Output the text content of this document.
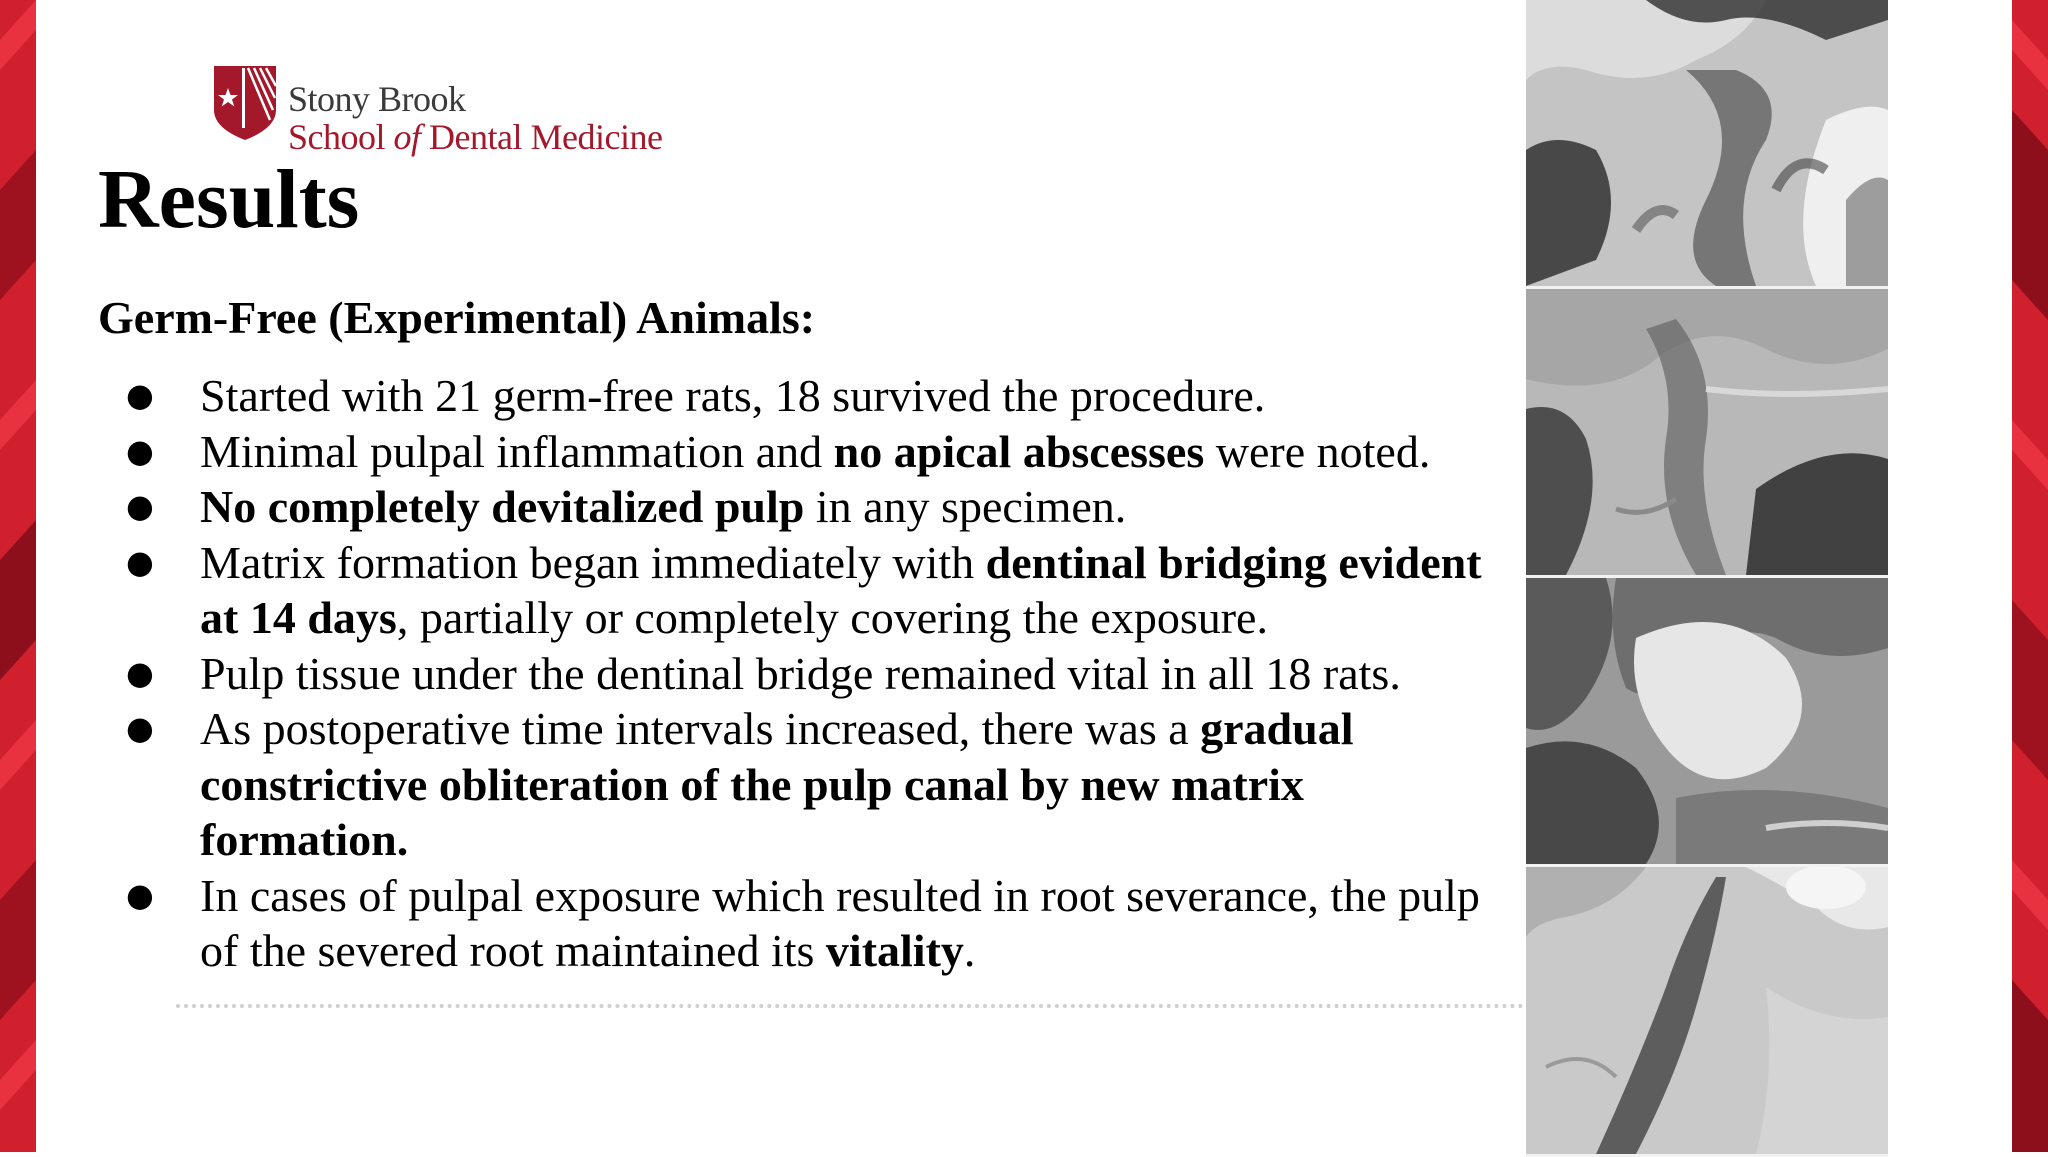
Stony Brook
School of Dental Medicine
Results
Germ-Free (Experimental) Animals:
● Started with 21 germ-free rats, 18 survived the procedure.
● Minimal pulpal inflammation and no apical abscesses were noted.
● No completely devitalized pulp in any specimen.
● Matrix formation began immediately with dentinal bridging evident at 14 days, partially or completely covering the exposure.
● Pulp tissue under the dentinal bridge remained vital in all 18 rats.
● As postoperative time intervals increased, there was a gradual constrictive obliteration of the pulp canal by new matrix formation.
● In cases of pulpal exposure which resulted in root severance, the pulp of the severed root maintained its vitality.
